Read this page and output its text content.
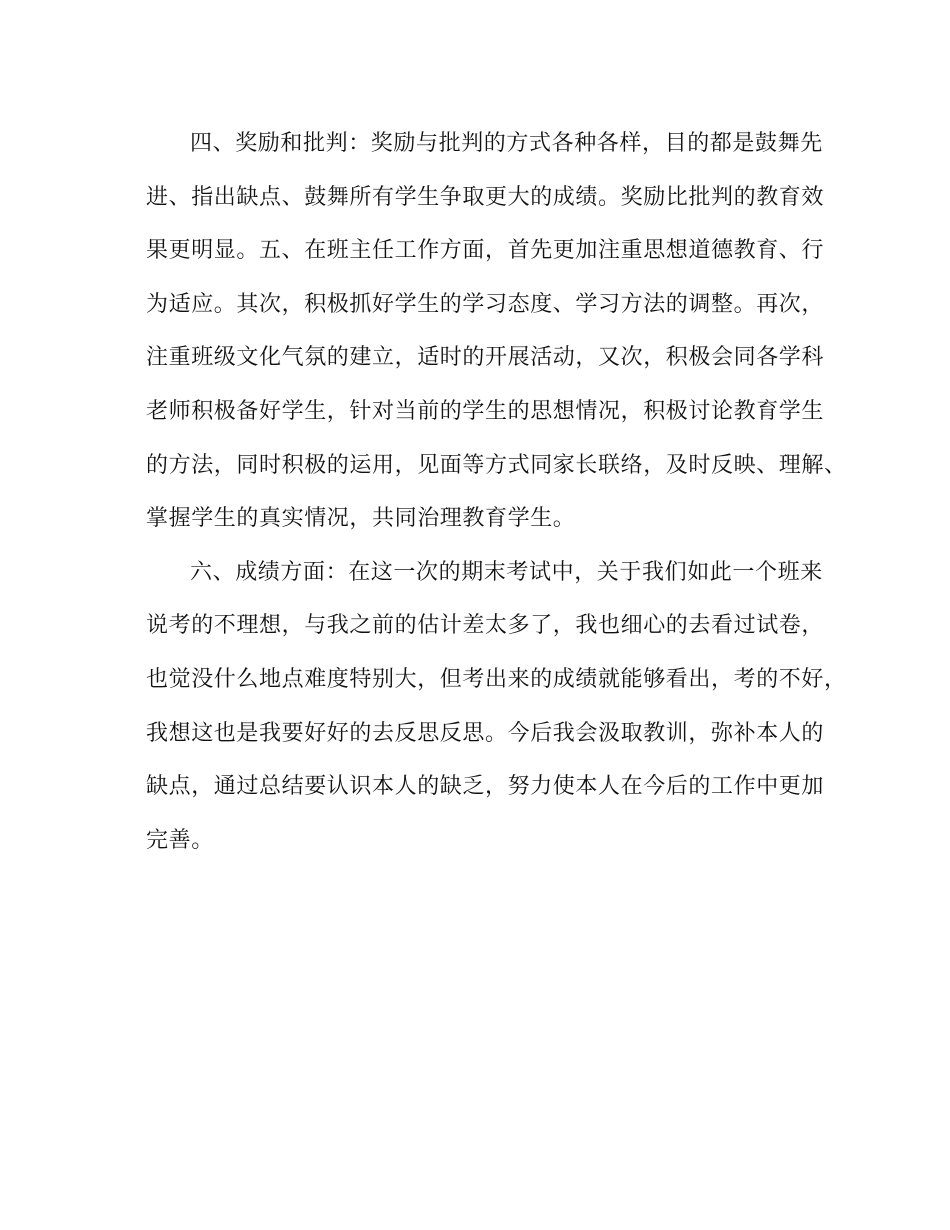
四、奖励和批判：奖励与批判的方式各种各样，目的都是鼓舞先
进、指出缺点、鼓舞所有学生争取更大的成绩。奖励比批判的教育效
果更明显。五、在班主任工作方面，首先更加注重思想道德教育、行
为适应。其次，积极抓好学生的学习态度、学习方法的调整。再次，
注重班级文化气氛的建立，适时的开展活动，又次，积极会同各学科
老师积极备好学生，针对当前的学生的思想情况，积极讨论教育学生
的方法，同时积极的运用，见面等方式同家长联络，及时反映、理解、
掌握学生的真实情况，共同治理教育学生。
六、成绩方面：在这一次的期末考试中，关于我们如此一个班来
说考的不理想，与我之前的估计差太多了，我也细心的去看过试卷，
也觉没什么地点难度特别大，但考出来的成绩就能够看出，考的不好，
我想这也是我要好好的去反思反思。今后我会汲取教训，弥补本人的
缺点，通过总结要认识本人的缺乏，努力使本人在今后的工作中更加
完善。
